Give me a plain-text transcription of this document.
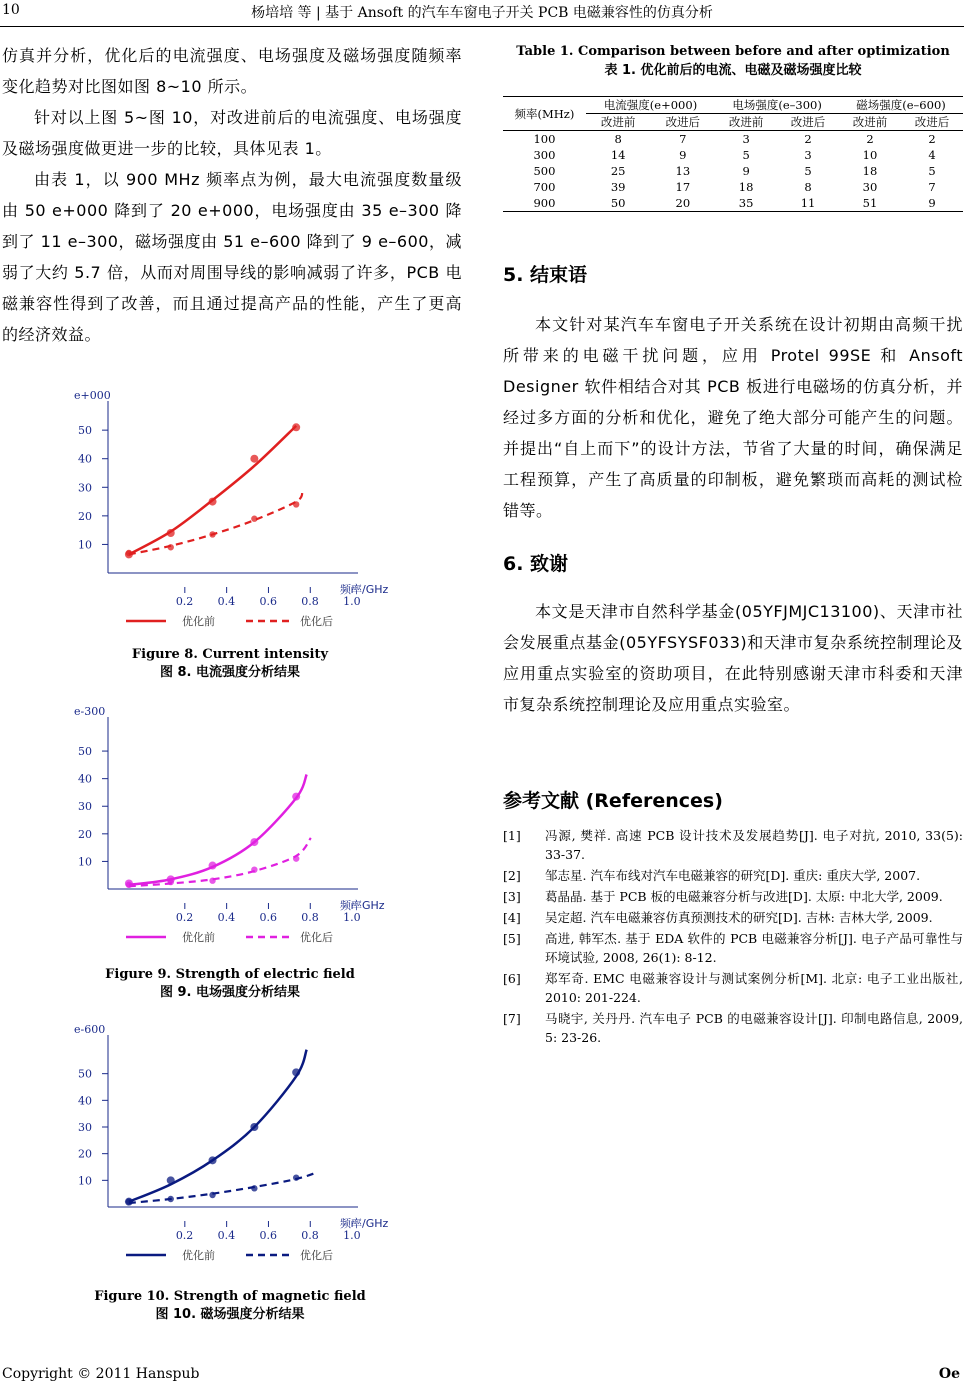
10	杨培培 等 | 基于 Ansoft 的汽车车窗电子开关 PCB 电磁兼容性的仿真分析

仿真并分析，优化后的电流强度、电场强度及磁场强度随频率变化趋势对比图如图 8~10 所示。

针对以上图 5~图 10，对改进前后的电流强度、电场强度及磁场强度做更进一步的比较，具体见表 1。

由表 1，以 900 MHz 频率点为例，最大电流强度数量级由 50 e+000 降到了 20 e+000，电场强度由 35 e–300 降到了 11 e–300，磁场强度由 51 e–600 降到了 9 e–600，减弱了大约 5.7 倍，从而对周围导线的影响减弱了许多，PCB 电磁兼容性得到了改善，而且通过提高产品的性能，产生了更高的经济效益。

e+000
10
20
30
40
50
0.2 0.4 0.6 0.8 1.0
频率/GHz
优化前	优化后
Figure 8. Current intensity
图 8. 电流强度分析结果
e-300
10
20
30
40
50
0.2 0.4 0.6 0.8 1.0
频率GHz
优化前	优化后
Figure 9. Strength of electric field
图 9. 电场强度分析结果
e-600
10
20
30
40
50
0.2 0.4 0.6 0.8 1.0
频率/GHz
优化前	优化后
Figure 10. Strength of magnetic field
图 10. 磁场强度分析结果
Table 1. Comparison between before and after optimization
表 1. 优化前后的电流、电磁及磁场强度比较
频率(MHz)	电流强度(e+000)		电场强度(e–300)		磁场强度(e–600)	
	改进前	改进后	改进前	改进后	改进前	改进后
100	8	7	3	2	2	2
300	14	9	5	3	10	4
500	25	13	9	5	18	5
700	39	17	18	8	30	7
900	50	20	35	11	51	9
5. 结束语

本文针对某汽车车窗电子开关系统在设计初期由高频干扰所带来的电磁干扰问题，应用 Protel 99SE 和 Ansoft Designer 软件相结合对其 PCB 板进行电磁场的仿真分析，并经过多方面的分析和优化，避免了绝大部分可能产生的问题。并提出“自上而下”的设计方法，节省了大量的时间，确保满足工程预算，产生了高质量的印制板，避免繁琐而高耗的测试检错等。

6. 致谢

本文是天津市自然科学基金(05YFJMJC13100)、天津市社会发展重点基金(05YFSYSF033)和天津市复杂系统控制理论及应用重点实验室的资助项目，在此特别感谢天津市科委和天津市复杂系统控制理论及应用重点实验室。

参考文献 (References)
[1] 冯源, 樊祥. 高速 PCB 设计技术及发展趋势[J]. 电子对抗, 2010, 33(5): 33-37.
[2] 邹志星. 汽车布线对汽车电磁兼容的研究[D]. 重庆: 重庆大学, 2007.
[3] 葛晶晶. 基于 PCB 板的电磁兼容分析与改进[D]. 太原: 中北大学, 2009.
[4] 吴定超. 汽车电磁兼容仿真预测技术的研究[D]. 吉林: 吉林大学, 2009.
[5] 高进, 韩军杰. 基于 EDA 软件的 PCB 电磁兼容分析[J]. 电子产品可靠性与环境试验, 2008, 26(1): 8-12.
[6] 郑军奇. EMC 电磁兼容设计与测试案例分析[M]. 北京: 电子工业出版社, 2010: 201-224.
[7] 马晓宇, 关丹丹. 汽车电子 PCB 的电磁兼容设计[J]. 印制电路信息, 2009, 5: 23-26.
Copyright © 2011 Hanspub	Oe
